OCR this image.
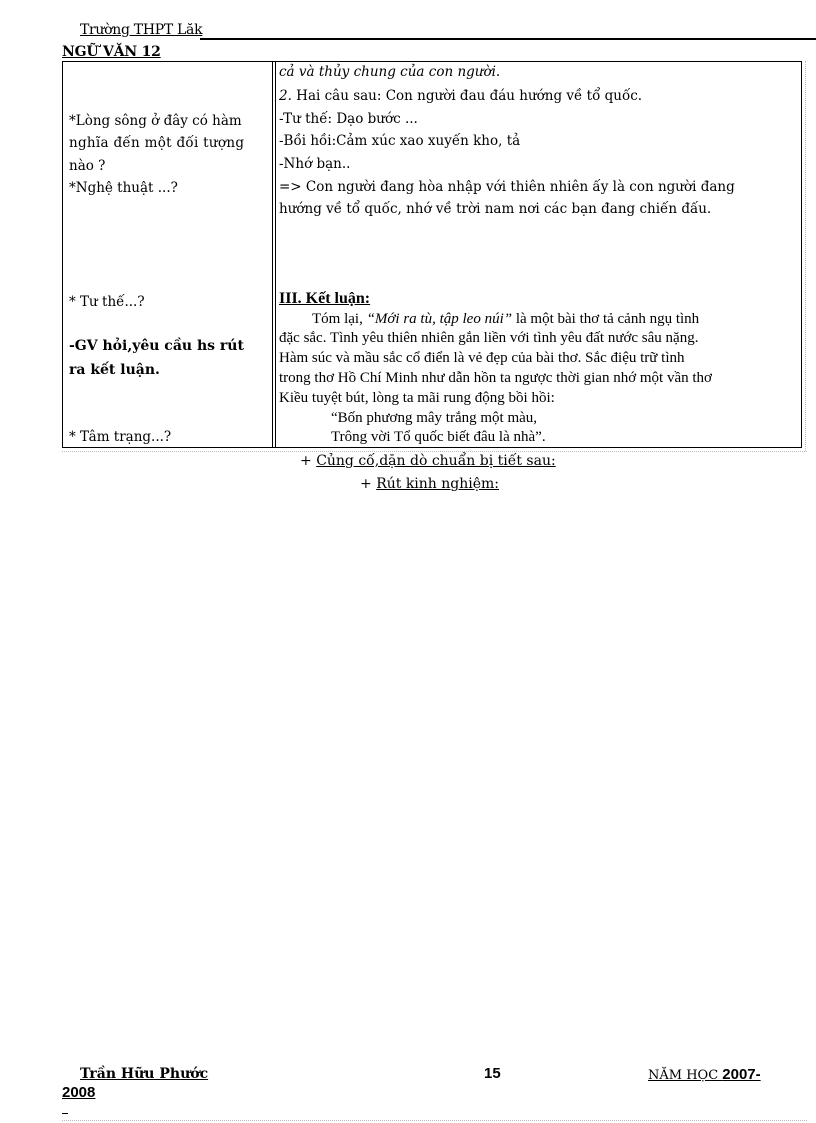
Trường THPT Lăk
NGỮ VĂN 12
*Lòng sông ở đây có hàm
nghĩa đến một đối tượng
nào ?
*Nghệ thuật ...?
* Tư thế...?
-GV hỏi,yêu cầu hs rút
ra kết luận.
* Tâm trạng...?
cả và thủy chung của con người.
2. Hai câu sau: Con người đau đáu hướng về tổ quốc.
-Tư thế: Dạo bước ...
-Bồi hồi:Cảm xúc xao xuyến kho, tả
-Nhớ bạn..
=> Con người đang hòa nhập với thiên nhiên ấy là con người đang
hướng về tổ quốc, nhớ về trời nam nơi các bạn đang chiến đấu.
III. Kết luận:
Tóm lại, “Mới ra tù, tập leo núi” là một bài thơ tả cảnh ngụ tình
đặc sắc. Tình yêu thiên nhiên gắn liền với tình yêu đất nước sâu nặng.
Hàm súc và mầu sắc cổ điển là vẻ đẹp của bài thơ. Sắc điệu trữ tình
trong thơ Hồ Chí Minh như dẫn hồn ta ngược thời gian nhớ một vần thơ
Kiều tuyệt bút, lòng ta mãi rung động bồi hồi:
“Bốn phương mây trắng một màu,
Trông vời Tổ quốc biết đâu là nhà”.
+ Củng cố,dặn dò chuẩn bị tiết sau:
+ Rút kinh nghiệm:
Trần Hữu Phước	15	NĂM HỌC 2007-
2008
